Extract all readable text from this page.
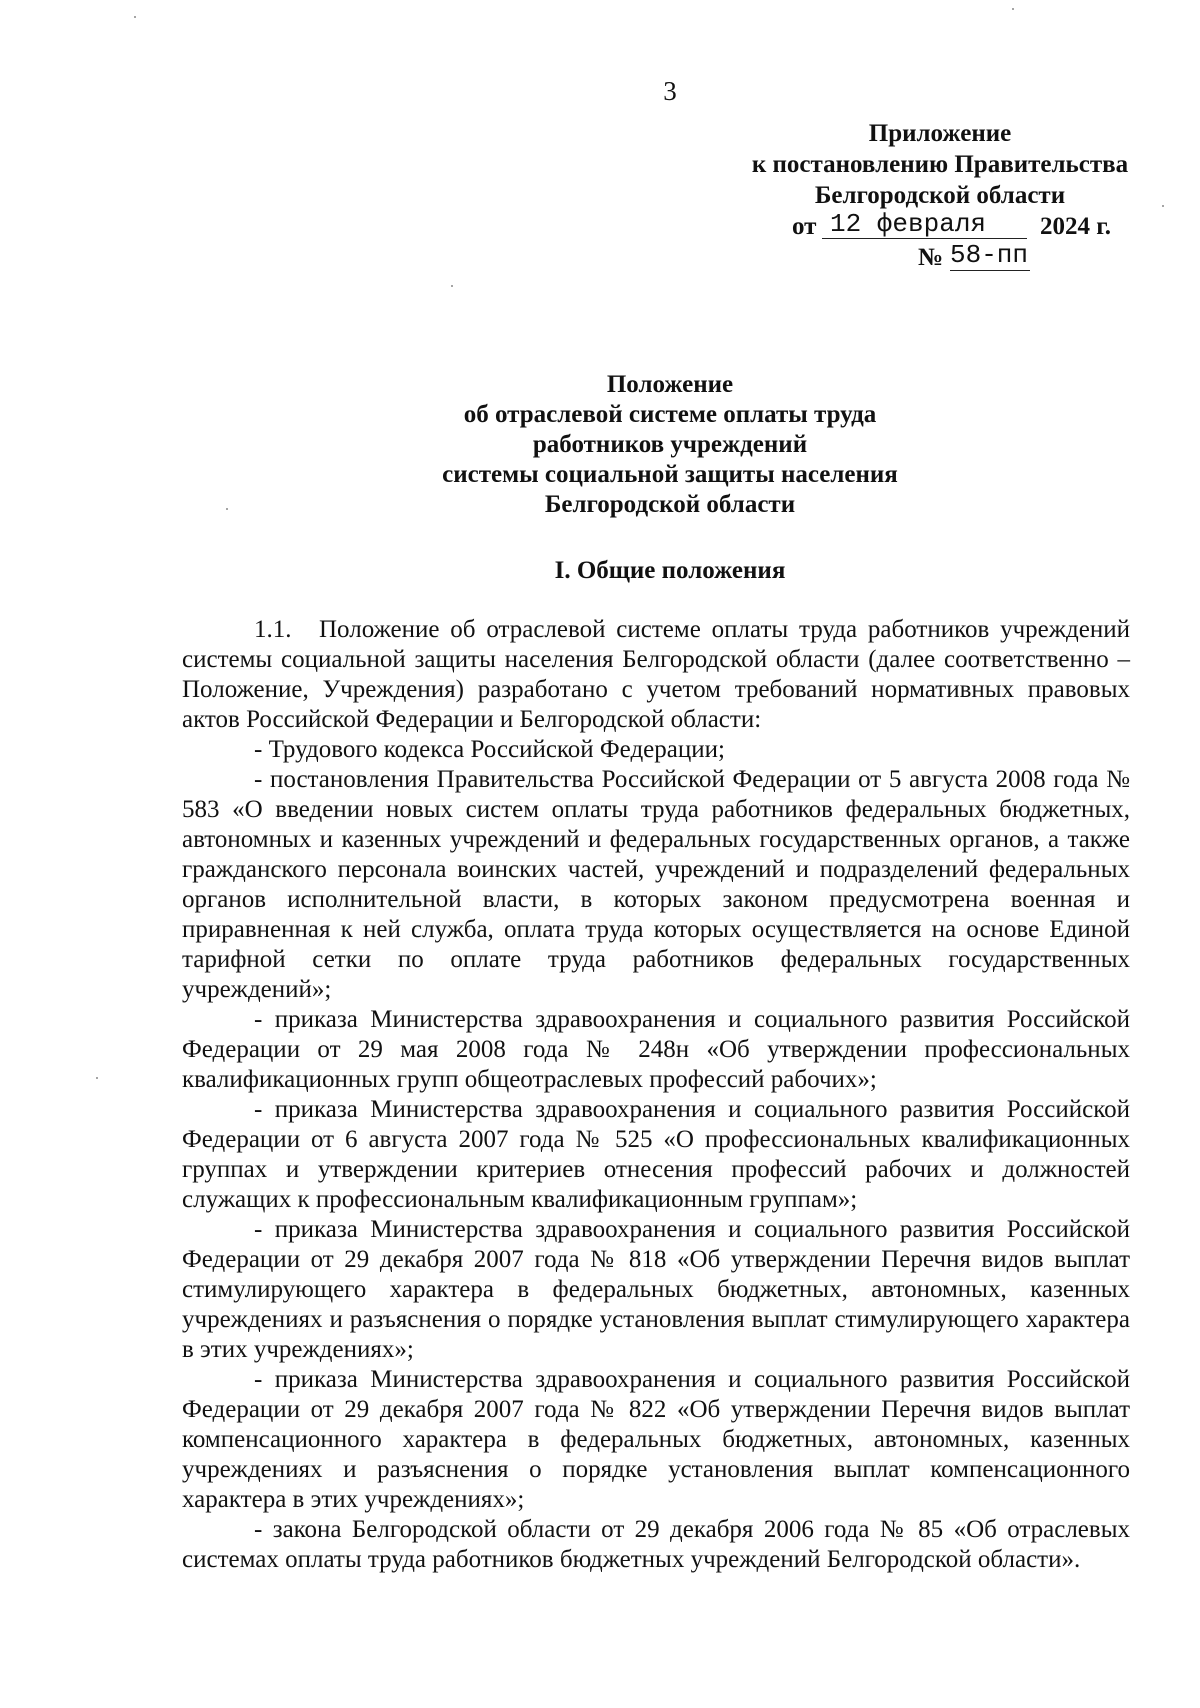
3
Приложение
к постановлению Правительства
Белгородской области
от 12 февраля	2024 г.
№ 58-пп
Положение
об отраслевой системе оплаты труда
работников учреждений
системы социальной защиты населения
Белгородской области
I. Общие положения

1.1. Положение об отраслевой системе оплаты труда работников учреждений системы социальной защиты населения Белгородской области (далее соответственно – Положение, Учреждения) разработано с учетом требований нормативных правовых актов Российской Федерации и Белгородской области:

- Трудового кодекса Российской Федерации;

- постановления Правительства Российской Федерации от 5 августа 2008 года № 583 «О введении новых систем оплаты труда работников федеральных бюджетных, автономных и казенных учреждений и федеральных государственных органов, а также гражданского персонала воинских частей, учреждений и подразделений федеральных органов исполнительной власти, в которых законом предусмотрена военная и приравненная к ней служба, оплата труда которых осуществляется на основе Единой тарифной сетки по оплате труда работников федеральных государственных учреждений»;

- приказа Министерства здравоохранения и социального развития Российской Федерации от 29 мая 2008 года № 248н «Об утверждении профессиональных квалификационных групп общеотраслевых профессий рабочих»;

- приказа Министерства здравоохранения и социального развития Российской Федерации от 6 августа 2007 года № 525 «О профессиональных квалификационных группах и утверждении критериев отнесения профессий рабочих и должностей служащих к профессиональным квалификационным группам»;

- приказа Министерства здравоохранения и социального развития Российской Федерации от 29 декабря 2007 года № 818 «Об утверждении Перечня видов выплат стимулирующего характера в федеральных бюджетных, автономных, казенных учреждениях и разъяснения о порядке установления выплат стимулирующего характера в этих учреждениях»;

- приказа Министерства здравоохранения и социального развития Российской Федерации от 29 декабря 2007 года № 822 «Об утверждении Перечня видов выплат компенсационного характера в федеральных бюджетных, автономных, казенных учреждениях и разъяснения о порядке установления выплат компенсационного характера в этих учреждениях»;

- закона Белгородской области от 29 декабря 2006 года № 85 «Об отраслевых системах оплаты труда работников бюджетных учреждений Белгородской области».
